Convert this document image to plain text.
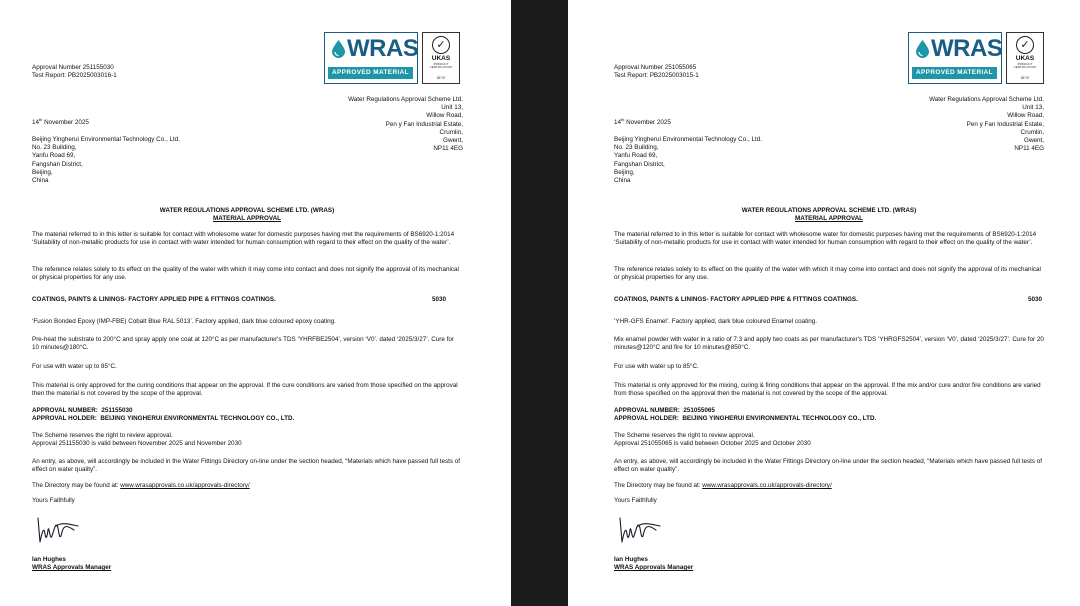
Approval Number 251155030
Test Report: PB2025003016-1
WRAS
APPROVED MATERIAL
✓
UKAS
PRODUCT CERTIFICATION
38747
Water Regulations Approval Scheme Ltd.
Unit 13,
Willow Road,
Pen y Fan Industrial Estate,
Crumlin,
Gwent,
NP11 4EG
14th November 2025
Beijing Yingherui Environmental Technology Co., Ltd.
No. 23 Building,
Yanfu Road 69,
Fangshan District,
Beijing,
China
WATER REGULATIONS APPROVAL SCHEME LTD. (WRAS)
MATERIAL APPROVAL
The material referred to in this letter is suitable for contact with wholesome water for domestic purposes having met the requirements of BS6920-1:2014 ‘Suitability of non-metallic products for use in contact with water intended for human consumption with regard to their effect on the quality of the water’.
The reference relates solely to its effect on the quality of the water with which it may come into contact and does not signify the approval of its mechanical or physical properties for any use.
COATINGS, PAINTS & LININGS- FACTORY APPLIED PIPE & FITTINGS COATINGS.	5030
‘Fusion Bonded Epoxy (IMP-FBE) Cobalt Blue RAL 5013’. Factory applied, dark blue coloured epoxy coating.
Pre-heat the substrate to 200°C and spray apply one coat at 120°C as per manufacturer's TDS ‘YHRFBE2504’, version ‘V0’. dated ‘2025/3/27’. Cure for 10 minutes@180°C.
For use with water up to 85°C.
This material is only approved for the curing conditions that appear on the approval. If the cure conditions are varied from those specified on the approval then the material is not covered by the scope of the approval.
APPROVAL NUMBER: 251155030
APPROVAL HOLDER: BEIJING YINGHERUI ENVIRONMENTAL TECHNOLOGY CO., LTD.
The Scheme reserves the right to review approval.
Approval 251155030 is valid between November 2025 and November 2030
An entry, as above, will accordingly be included in the Water Fittings Directory on-line under the section headed, “Materials which have passed full tests of effect on water quality”.
The Directory may be found at: www.wrasapprovals.co.uk/approvals-directory/
Yours Faithfully
Ian Hughes
WRAS Approvals Manager
Approval Number 251055065
Test Report: PB2025003015-1
WRAS
APPROVED MATERIAL
✓
UKAS
PRODUCT CERTIFICATION
38747
Water Regulations Approval Scheme Ltd.
Unit 13,
Willow Road,
Pen y Fan Industrial Estate,
Crumlin,
Gwent,
NP11 4EG
14th November 2025
Beijing Yingherui Environmental Technology Co., Ltd.
No. 23 Building,
Yanfu Road 69,
Fangshan District,
Beijing,
China
WATER REGULATIONS APPROVAL SCHEME LTD. (WRAS)
MATERIAL APPROVAL
The material referred to in this letter is suitable for contact with wholesome water for domestic purposes having met the requirements of BS6920-1:2014 ‘Suitability of non-metallic products for use in contact with water intended for human consumption with regard to their effect on the quality of the water’.
The reference relates solely to its effect on the quality of the water with which it may come into contact and does not signify the approval of its mechanical or physical properties for any use.
COATINGS, PAINTS & LININGS- FACTORY APPLIED PIPE & FITTINGS COATINGS.	5030
‘YHR-GFS Enamel’. Factory applied, dark blue coloured Enamel coating.
Mix enamel powder with water in a ratio of 7:3 and apply two coats as per manufacturer's TDS ‘YHRGFS2504’, version ‘V0’, dated ‘2025/3/27’. Cure for 20 minutes@120°C and fire for 10 minutes@850°C.
For use with water up to 85°C.
This material is only approved for the mixing, curing & firing conditions that appear on the approval. If the mix and/or cure and/or fire conditions are varied from those specified on the approval then the material is not covered by the scope of the approval.
APPROVAL NUMBER: 251055065
APPROVAL HOLDER: BEIJING YINGHERUI ENVIRONMENTAL TECHNOLOGY CO., LTD.
The Scheme reserves the right to review approval.
Approval 251055065 is valid between October 2025 and October 2030
An entry, as above, will accordingly be included in the Water Fittings Directory on-line under the section headed, “Materials which have passed full tests of effect on water quality”.
The Directory may be found at: www.wrasapprovals.co.uk/approvals-directory/
Yours Faithfully
Ian Hughes
WRAS Approvals Manager
